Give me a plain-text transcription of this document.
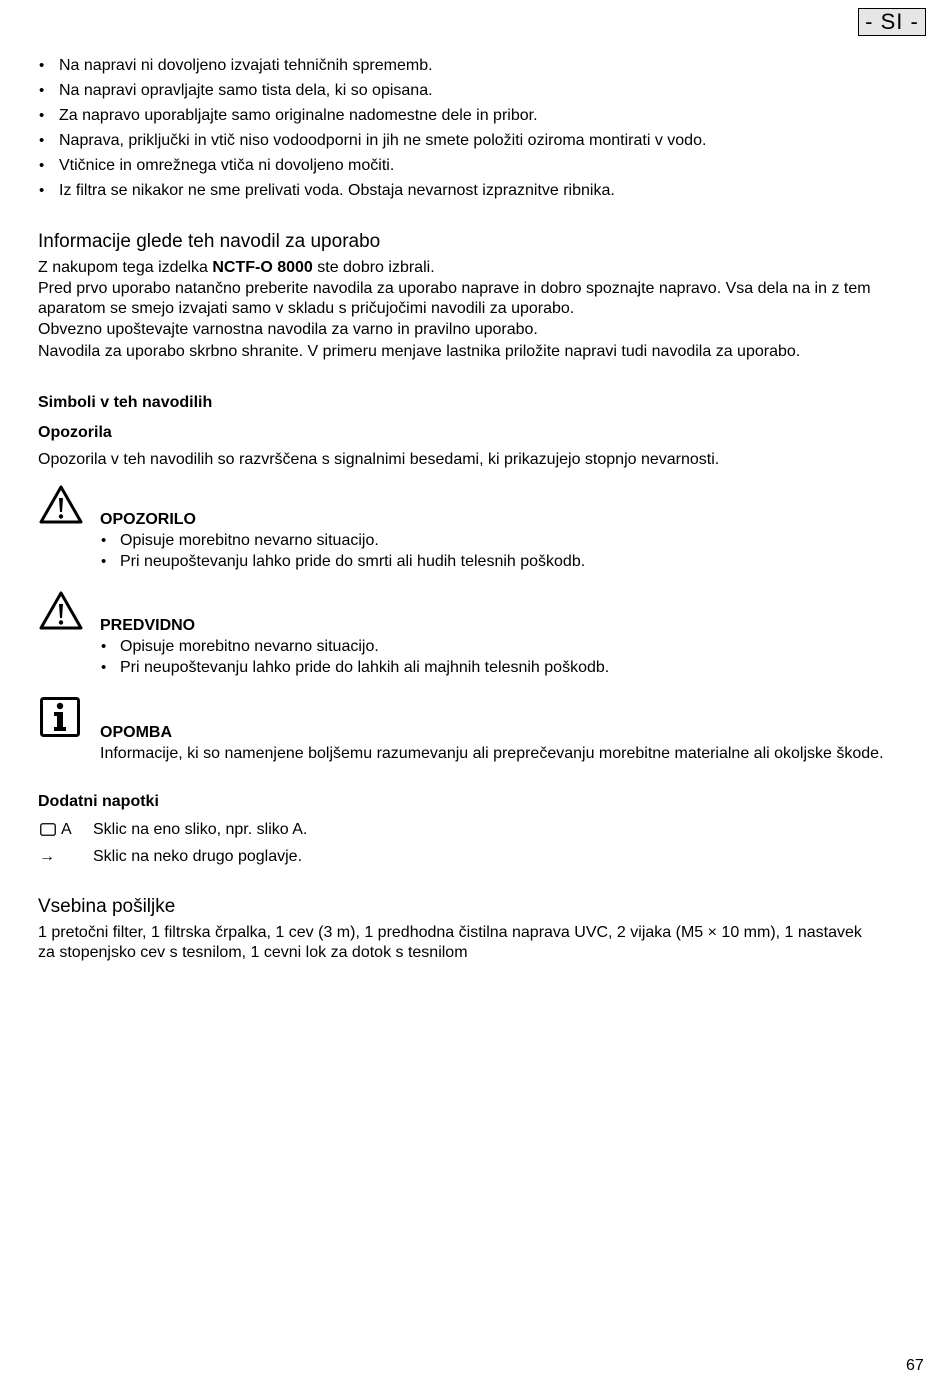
- SI -
• Na napravi ni dovoljeno izvajati tehničnih sprememb.
• Na napravi opravljajte samo tista dela, ki so opisana.
• Za napravo uporabljajte samo originalne nadomestne dele in pribor.
• Naprava, priključki in vtič niso vodoodporni in jih ne smete položiti oziroma montirati v vodo.
• Vtičnice in omrežnega vtiča ni dovoljeno močiti.
• Iz filtra se nikakor ne sme prelivati voda. Obstaja nevarnost izpraznitve ribnika.
Informacije glede teh navodil za uporabo

Z nakupom tega izdelka NCTF-O 8000 ste dobro izbrali.

Pred prvo uporabo natančno preberite navodila za uporabo naprave in dobro spoznajte napravo. Vsa dela na in z tem

aparatom se smejo izvajati samo v skladu s pričujočimi navodili za uporabo.

Obvezno upoštevajte varnostna navodila za varno in pravilno uporabo.

Navodila za uporabo skrbno shranite. V primeru menjave lastnika priložite napravi tudi navodila za uporabo.

Simboli v teh navodilih
Opozorila
Opozorila v teh navodilih so razvrščena s signalnimi besedami, ki prikazujejo stopnjo nevarnosti.
OPOZORILO
• Opisuje morebitno nevarno situacijo.
• Pri neupoštevanju lahko pride do smrti ali hudih telesnih poškodb.
PREDVIDNO
• Opisuje morebitno nevarno situacijo.
• Pri neupoštevanju lahko pride do lahkih ali majhnih telesnih poškodb.
OPOMBA
Informacije, ki so namenjene boljšemu razumevanju ali preprečevanju morebitne materialne ali okoljske škode.
Dodatni napotki
A Sklic na eno sliko, npr. sliko A.
→ Sklic na neko drugo poglavje.
Vsebina pošiljke

1 pretočni filter, 1 filtrska črpalka, 1 cev (3 m), 1 predhodna čistilna naprava UVC, 2 vijaka (M5 × 10 mm), 1 nastavek

za stopenjsko cev s tesnilom, 1 cevni lok za dotok s tesnilom

67
